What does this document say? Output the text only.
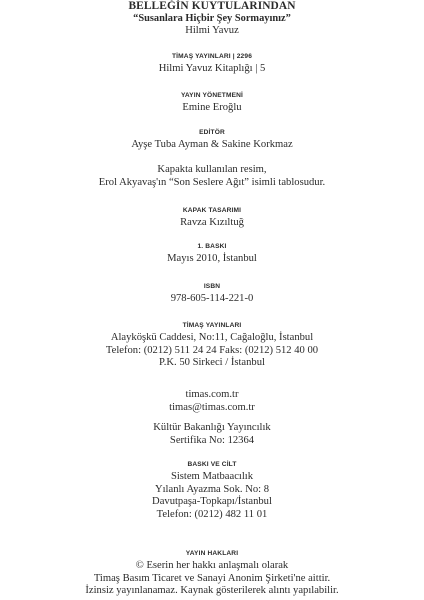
BELLEĞİN KUYTULARINDAN
“Susanlara Hiçbir Şey Sormayınız”
Hilmi Yavuz
TİMAŞ YAYINLARI | 2296
Hilmi Yavuz Kitaplığı | 5
YAYIN YÖNETMENİ
Emine Eroğlu
EDİTÖR
Ayşe Tuba Ayman & Sakine Korkmaz
Kapakta kullanılan resim,
Erol Akyavaş'ın “Son Seslere Ağıt” isimli tablosudur.
KAPAK TASARIMI
Ravza Kızıltuğ
1. BASKI
Mayıs 2010, İstanbul
ISBN
978-605-114-221-0
TİMAŞ YAYINLARI
Alayköşkü Caddesi, No:11, Cağaloğlu, İstanbul
Telefon: (0212) 511 24 24 Faks: (0212) 512 40 00
P.K. 50 Sirkeci / İstanbul
timas.com.tr
timas@timas.com.tr
Kültür Bakanlığı Yayıncılık
Sertifika No: 12364
BASKI VE CİLT
Sistem Matbaacılık
Yılanlı Ayazma Sok. No: 8
Davutpaşa-Topkapı/İstanbul
Telefon: (0212) 482 11 01
YAYIN HAKLARI
© Eserin her hakkı anlaşmalı olarak
Timaş Basım Ticaret ve Sanayi Anonim Şirketi'ne aittir.
İzinsiz yayınlanamaz. Kaynak gösterilerek alıntı yapılabilir.
